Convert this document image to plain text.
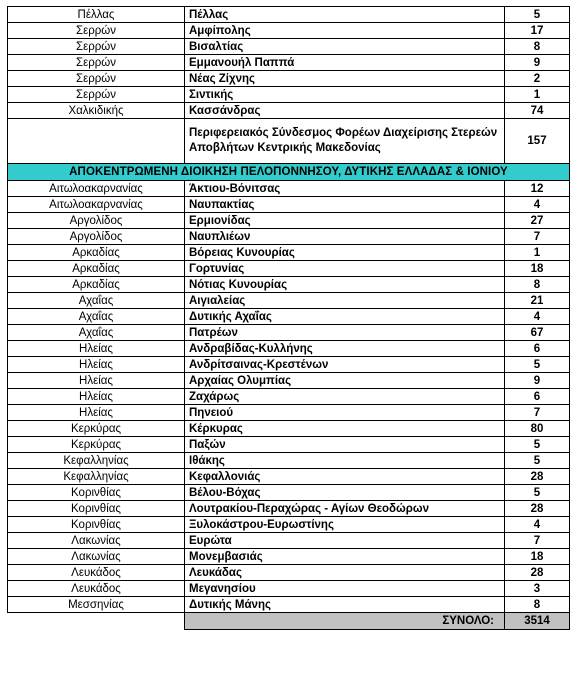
Πέλλας	Πέλλας	5
Σερρών	Αμφίπολης	17
Σερρών	Βισαλτίας	8
Σερρών	Εμμανουήλ Παππά	9
Σερρών	Νέας Ζίχνης	2
Σερρών	Σιντικής	1
Χαλκιδικής	Κασσάνδρας	74
	Περιφερειακός Σύνδεσμος Φορέων Διαχείρισης Στερεών Αποβλήτων Κεντρικής Μακεδονίας	157
ΑΠΟΚΕΝΤΡΩΜΕΝΗ ΔΙΟΙΚΗΣΗ ΠΕΛΟΠΟΝΝΗΣΟΥ, ΔΥΤΙΚΗΣ ΕΛΛΑΔΑΣ & ΙΟΝΙΟΥ		
Αιτωλοακαρνανίας	Άκτιου-Βόνιτσας	12
Αιτωλοακαρνανίας	Ναυπακτίας	4
Αργολίδος	Ερμιονίδας	27
Αργολίδος	Ναυπλιέων	7
Αρκαδίας	Βόρειας Κυνουρίας	1
Αρκαδίας	Γορτυνίας	18
Αρκαδίας	Νότιας Κυνουρίας	8
Αχαΐας	Αιγιαλείας	21
Αχαΐας	Δυτικής Αχαΐας	4
Αχαΐας	Πατρέων	67
Ηλείας	Ανδραβίδας-Κυλλήνης	6
Ηλείας	Ανδρίτσαινας-Κρεστένων	5
Ηλείας	Αρχαίας Ολυμπίας	9
Ηλείας	Ζαχάρως	6
Ηλείας	Πηνειού	7
Κερκύρας	Κέρκυρας	80
Κερκύρας	Παξών	5
Κεφαλληνίας	Ιθάκης	5
Κεφαλληνίας	Κεφαλλονιάς	28
Κορινθίας	Βέλου-Βόχας	5
Κορινθίας	Λουτρακίου-Περαχώρας - Αγίων Θεοδώρων	28
Κορινθίας	Ξυλοκάστρου-Ευρωστίνης	4
Λακωνίας	Ευρώτα	7
Λακωνίας	Μονεμβασιάς	18
Λευκάδος	Λευκάδας	28
Λευκάδος	Μεγανησίου	3
Μεσσηνίας	Δυτικής Μάνης	8
	ΣΥΝΟΛΟ:	3514
